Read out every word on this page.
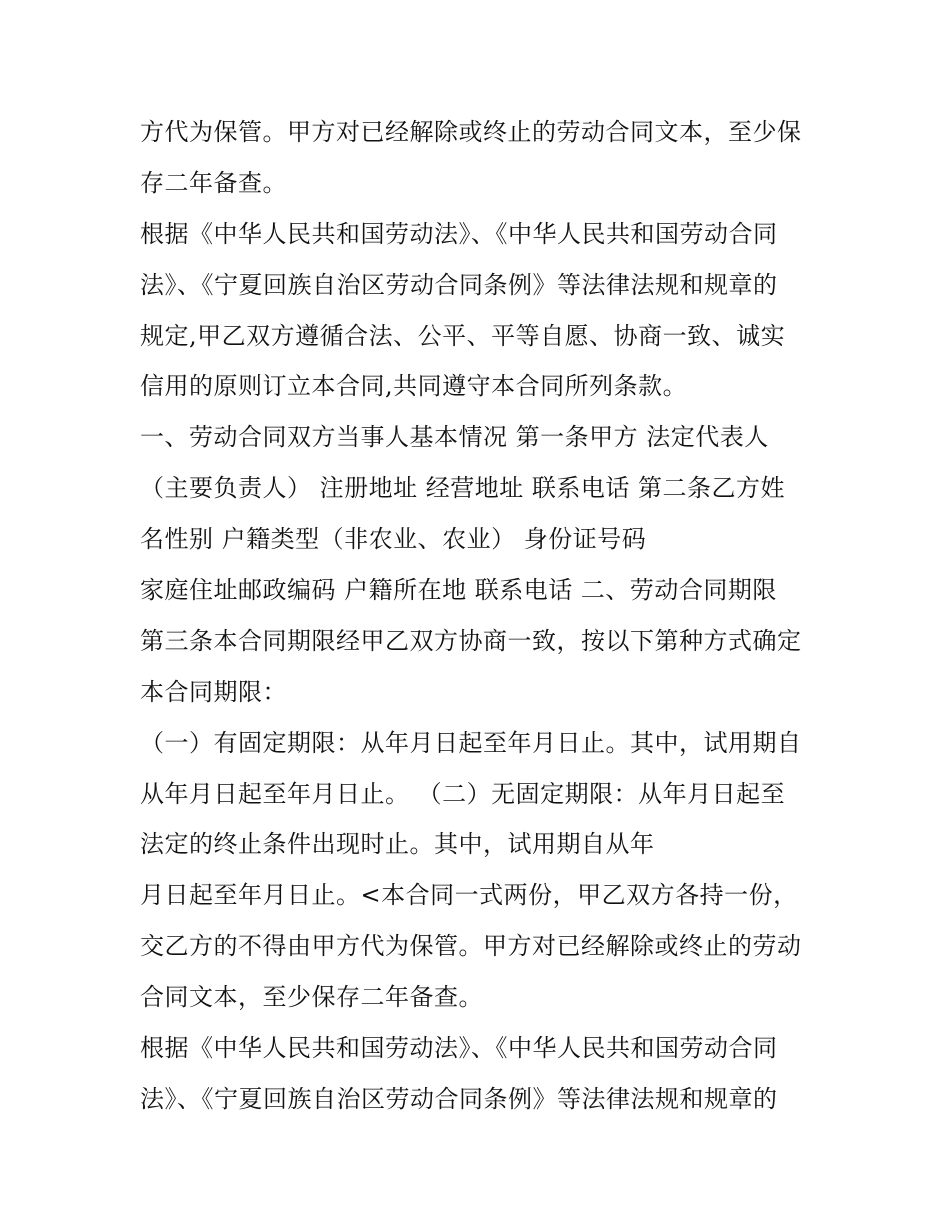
方代为保管。甲方对已经解除或终止的劳动合同文本，至少保
存二年备查。
根据《中华人民共和国劳动法》、《中华人民共和国劳动合同
法》、《宁夏回族自治区劳动合同条例》等法律法规和规章的
规定,甲乙双方遵循合法、公平、平等自愿、协商一致、诚实
信用的原则订立本合同,共同遵守本合同所列条款。
一、劳动合同双方当事人基本情况 第一条甲方 法定代表人
（主要负责人） 注册地址 经营地址 联系电话 第二条乙方姓
名性别 户籍类型（非农业、农业） 身份证号码
家庭住址邮政编码 户籍所在地 联系电话 二、劳动合同期限
第三条本合同期限经甲乙双方协商一致，按以下第种方式确定
本合同期限：
（一）有固定期限：从年月日起至年月日止。其中，试用期自
从年月日起至年月日止。 （二）无固定期限：从年月日起至
法定的终止条件出现时止。其中，试用期自从年
月日起至年月日止。<本合同一式两份，甲乙双方各持一份，
交乙方的不得由甲方代为保管。甲方对已经解除或终止的劳动
合同文本，至少保存二年备查。
根据《中华人民共和国劳动法》、《中华人民共和国劳动合同
法》、《宁夏回族自治区劳动合同条例》等法律法规和规章的
